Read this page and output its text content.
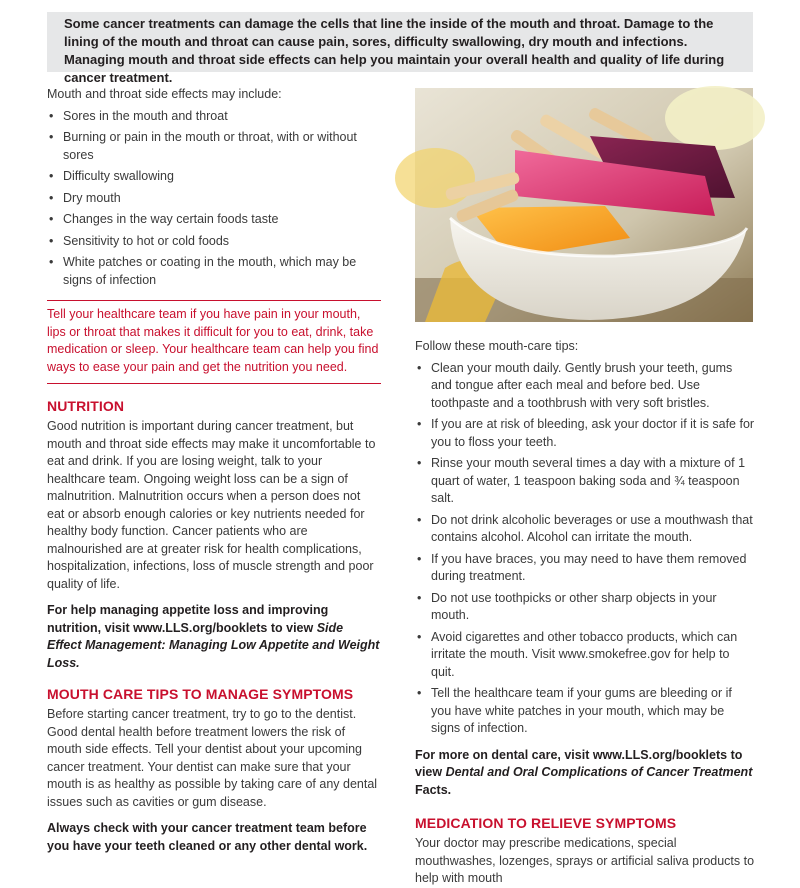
Some cancer treatments can damage the cells that line the inside of the mouth and throat. Damage to the lining of the mouth and throat can cause pain, sores, difficulty swallowing, dry mouth and infections. Managing mouth and throat side effects can help you maintain your overall health and quality of life during cancer treatment.

Mouth and throat side effects may include:

• Sores in the mouth and throat
• Burning or pain in the mouth or throat, with or without sores
• Difficulty swallowing
• Dry mouth
• Changes in the way certain foods taste
• Sensitivity to hot or cold foods
• White patches or coating in the mouth, which may be signs of infection

Tell your healthcare team if you have pain in your mouth, lips or throat that makes it difficult for you to eat, drink, take medication or sleep. Your healthcare team can help you find ways to ease your pain and get the nutrition you need.

NUTRITION

Good nutrition is important during cancer treatment, but mouth and throat side effects may make it uncomfortable to eat and drink. If you are losing weight, talk to your healthcare team. Ongoing weight loss can be a sign of malnutrition. Malnutrition occurs when a person does not eat or absorb enough calories or key nutrients needed for healthy body function. Cancer patients who are malnourished are at greater risk for health complications, hospitalization, infections, loss of muscle strength and poor quality of life.

For help managing appetite loss and improving nutrition, visit www.LLS.org/booklets to view Side Effect Management: Managing Low Appetite and Weight Loss.

MOUTH CARE TIPS TO MANAGE SYMPTOMS

Before starting cancer treatment, try to go to the dentist. Good dental health before treatment lowers the risk of mouth side effects. Tell your dentist about your upcoming cancer treatment. Your dentist can make sure that your mouth is as healthy as possible by taking care of any dental issues such as cavities or gum disease.

Always check with your cancer treatment team before you have your teeth cleaned or any other dental work.

Follow these mouth-care tips:

• Clean your mouth daily. Gently brush your teeth, gums and tongue after each meal and before bed. Use toothpaste and a toothbrush with very soft bristles.
• If you are at risk of bleeding, ask your doctor if it is safe for you to floss your teeth.
• Rinse your mouth several times a day with a mixture of 1 quart of water, 1 teaspoon baking soda and ¾ teaspoon salt.
• Do not drink alcoholic beverages or use a mouthwash that contains alcohol. Alcohol can irritate the mouth.
• If you have braces, you may need to have them removed during treatment.
• Do not use toothpicks or other sharp objects in your mouth.
• Avoid cigarettes and other tobacco products, which can irritate the mouth. Visit www.smokefree.gov for help to quit.
• Tell the healthcare team if your gums are bleeding or if you have white patches in your mouth, which may be signs of infection.

For more on dental care, visit www.LLS.org/booklets to view Dental and Oral Complications of Cancer Treatment Facts.

MEDICATION TO RELIEVE SYMPTOMS

Your doctor may prescribe medications, special mouthwashes, lozenges, sprays or artificial saliva products to help with mouth
